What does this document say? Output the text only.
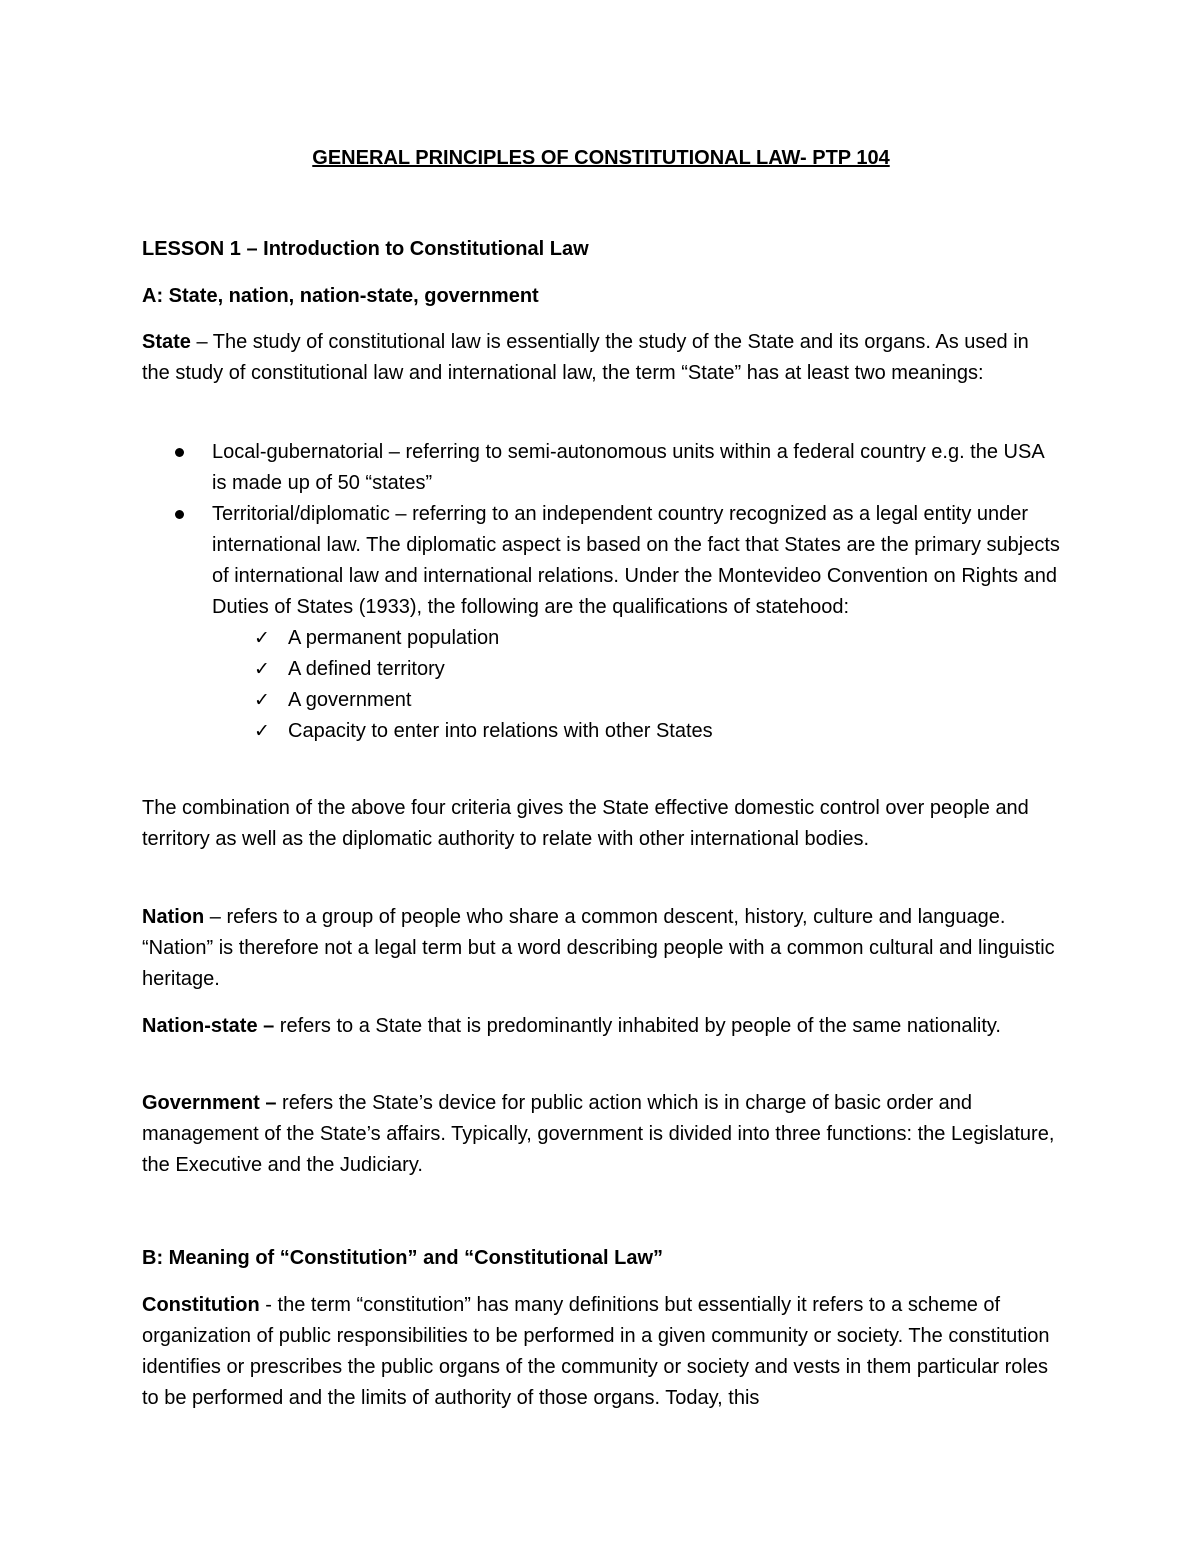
GENERAL PRINCIPLES OF CONSTITUTIONAL LAW- PTP 104
LESSON 1 – Introduction to Constitutional Law
A: State, nation, nation-state, government

State – The study of constitutional law is essentially the study of the State and its organs. As used in the study of constitutional law and international law, the term “State” has at least two meanings:

Local-gubernatorial – referring to semi-autonomous units within a federal country e.g. the USA is made up of 50 “states”
Territorial/diplomatic – referring to an independent country recognized as a legal entity under international law. The diplomatic aspect is based on the fact that States are the primary subjects of international law and international relations. Under the Montevideo Convention on Rights and Duties of States (1933), the following are the qualifications of statehood:
✓ A permanent population
✓ A defined territory
✓ A government
✓ Capacity to enter into relations with other States

The combination of the above four criteria gives the State effective domestic control over people and territory as well as the diplomatic authority to relate with other international bodies.

Nation – refers to a group of people who share a common descent, history, culture and language. “Nation” is therefore not a legal term but a word describing people with a common cultural and linguistic heritage.

Nation-state – refers to a State that is predominantly inhabited by people of the same nationality.

Government – refers the State’s device for public action which is in charge of basic order and management of the State’s affairs. Typically, government is divided into three functions: the Legislature, the Executive and the Judiciary.

B: Meaning of “Constitution” and “Constitutional Law”

Constitution - the term “constitution” has many definitions but essentially it refers to a scheme of organization of public responsibilities to be performed in a given community or society. The constitution identifies or prescribes the public organs of the community or society and vests in them particular roles to be performed and the limits of authority of those organs. Today, this
